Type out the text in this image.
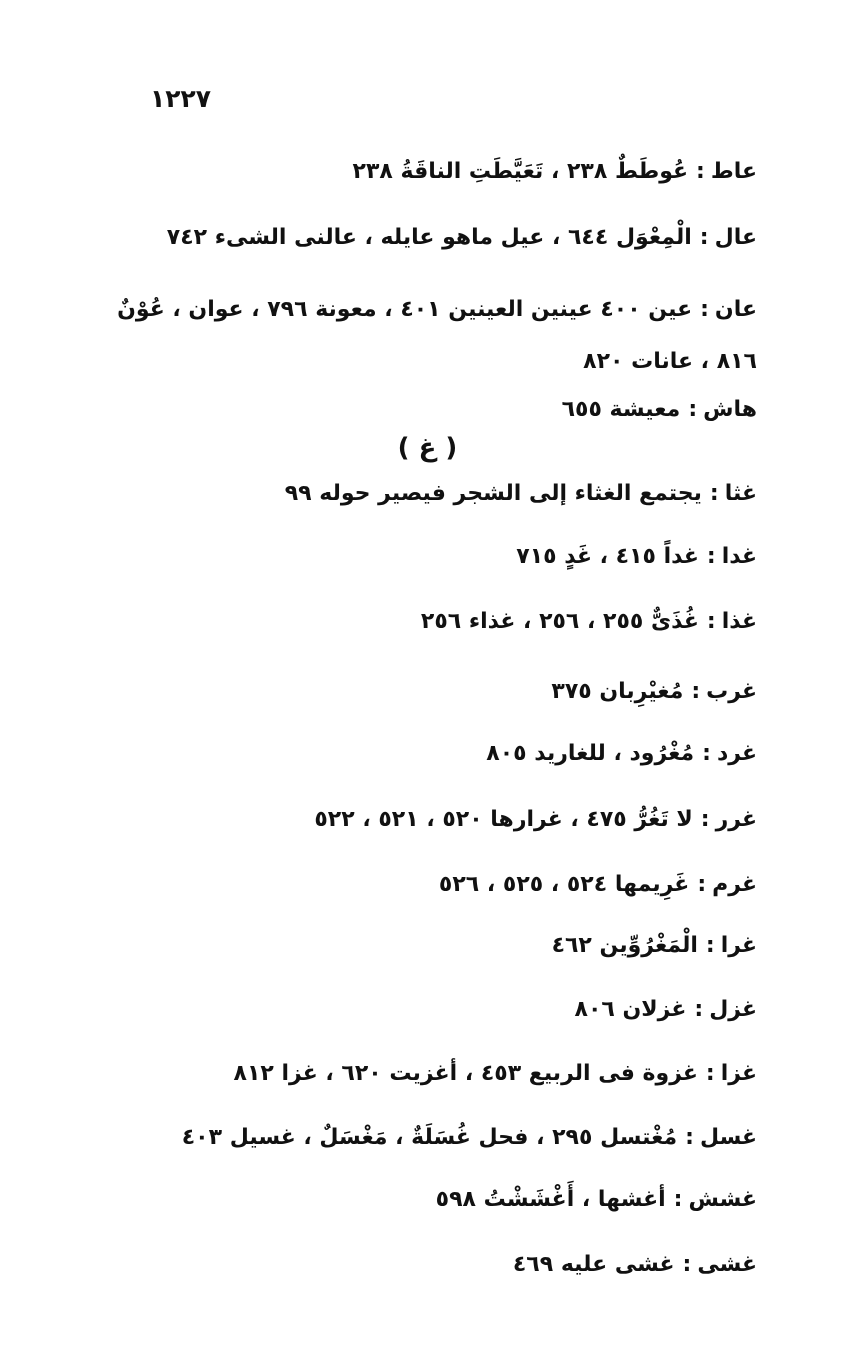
١٢٢٧
عاط:عُوطَطٌ ٢٣٨ ، تَعَيَّطَتِ الناقَةُ ٢٣٨
عال:الْمِعْوَل ٦٤٤ ، عيل ماهو عايله ، عالنى الشىء ٧٤٢
عان:عين ٤٠٠ عينين العينين ٤٠١ ، معونة ٧٩٦ ، عوان ، عُوْنٌ ٨١٦ ، عانات ٨٢٠
هاش:معيشة ٦٥٥
( غ )
غثا:يجتمع الغثاء إلى الشجر فيصير حوله ٩٩
غدا:غداً ٤١٥ ، غَدٍ ٧١٥
غذا:غُذَىٌّ ٢٥٥ ، ٢٥٦ ، غذاء ٢٥٦
غرب:مُغيْرِبان ٣٧٥
غرد:مُغْرُود ، للغاريد ٨٠٥
غرر:لا تَغُرُّ ٤٧٥ ، غرارها ٥٢٠ ، ٥٢١ ، ٥٢٢
غرم:غَرِيمها ٥٢٤ ، ٥٢٥ ، ٥٢٦
غرا:الْمَغْرُوِّين ٤٦٢
غزل:غزلان ٨٠٦
غزا:غزوة فى الربيع ٤٥٣ ، أغزيت ٦٢٠ ، غزا ٨١٢
غسل:مُغْتسل ٢٩٥ ، فحل غُسَلَةٌ ، مَغْسَلٌ ، غسيل ٤٠٣
غشش:أغشها ، أَغْشَشْتُ ٥٩٨
غشى:غشى عليه ٤٦٩
